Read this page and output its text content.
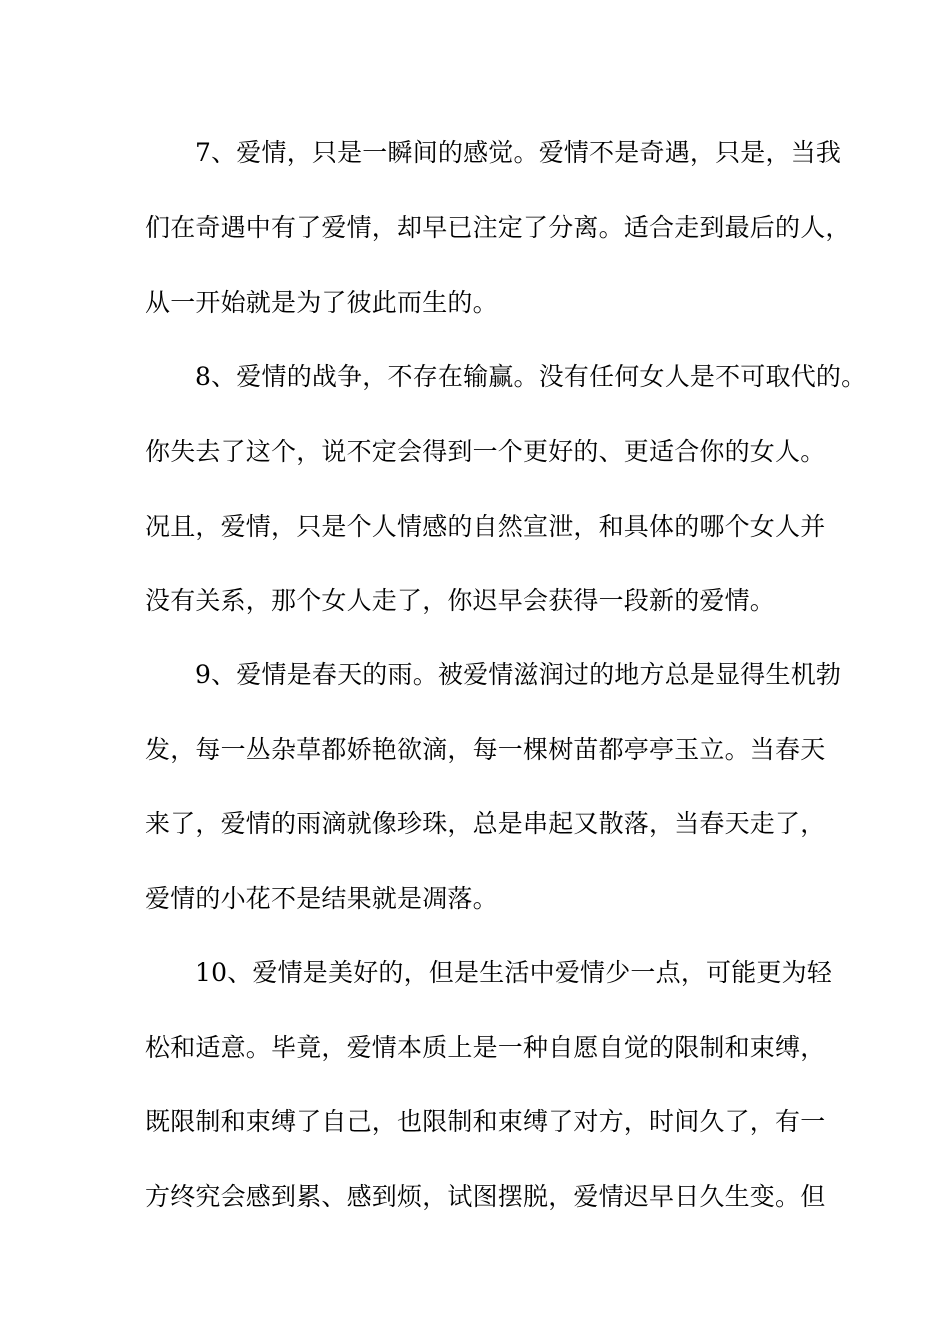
7、爱情，只是一瞬间的感觉。爱情不是奇遇，只是，当我
们在奇遇中有了爱情，却早已注定了分离。适合走到最后的人，
从一开始就是为了彼此而生的。
8、爱情的战争，不存在输赢。没有任何女人是不可取代的。
你失去了这个，说不定会得到一个更好的、更适合你的女人。
况且，爱情，只是个人情感的自然宣泄，和具体的哪个女人并
没有关系，那个女人走了，你迟早会获得一段新的爱情。
9、爱情是春天的雨。被爱情滋润过的地方总是显得生机勃
发，每一丛杂草都娇艳欲滴，每一棵树苗都亭亭玉立。当春天
来了，爱情的雨滴就像珍珠，总是串起又散落，当春天走了，
爱情的小花不是结果就是凋落。
10、爱情是美好的，但是生活中爱情少一点，可能更为轻
松和适意。毕竟，爱情本质上是一种自愿自觉的限制和束缚，
既限制和束缚了自己，也限制和束缚了对方，时间久了，有一
方终究会感到累、感到烦，试图摆脱，爱情迟早日久生变。但
